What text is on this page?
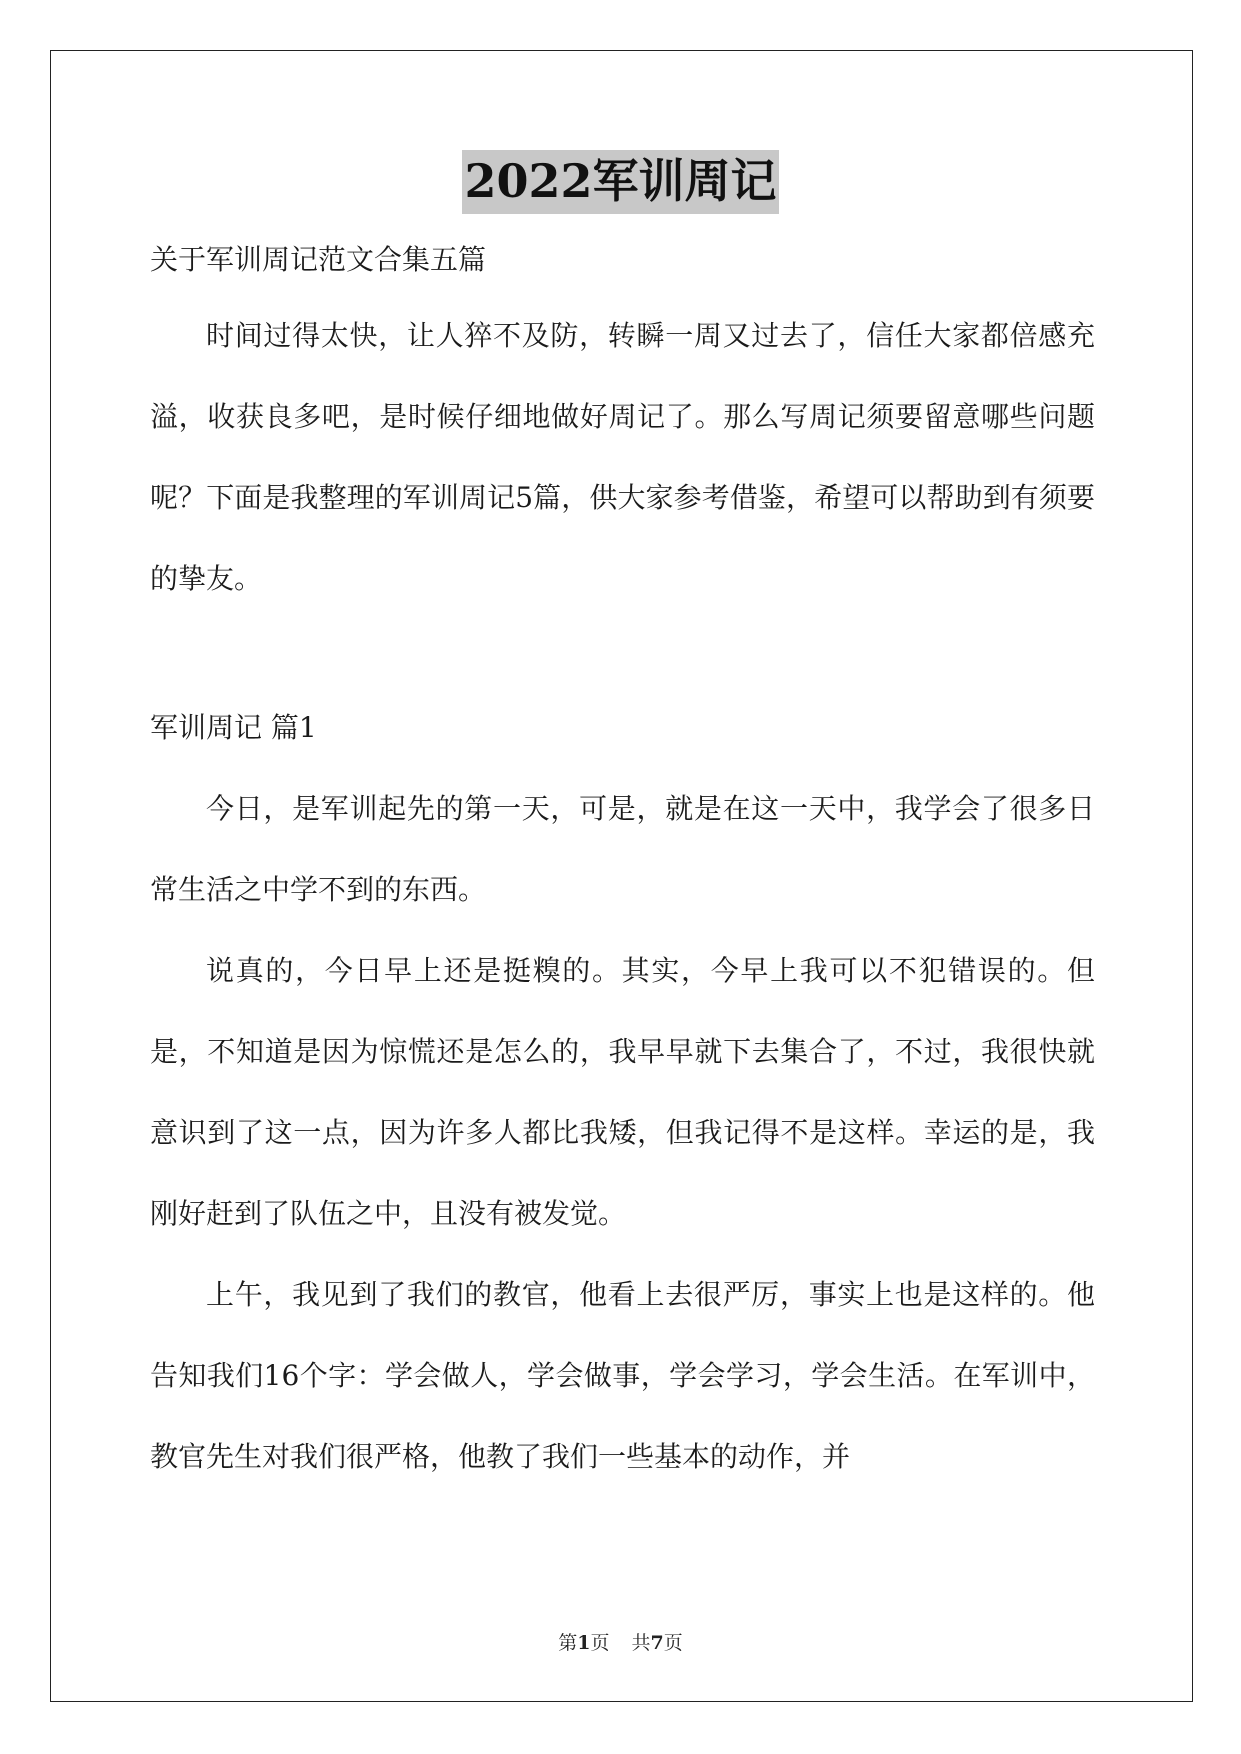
2022军训周记
关于军训周记范文合集五篇

时间过得太快，让人猝不及防，转瞬一周又过去了，信任大家都倍感充溢，收获良多吧，是时候仔细地做好周记了。那么写周记须要留意哪些问题呢？下面是我整理的军训周记5篇，供大家参考借鉴，希望可以帮助到有须要的挚友。

军训周记 篇1

今日，是军训起先的第一天，可是，就是在这一天中，我学会了很多日常生活之中学不到的东西。

说真的，今日早上还是挺糗的。其实，今早上我可以不犯错误的。但是，不知道是因为惊慌还是怎么的，我早早就下去集合了，不过，我很快就意识到了这一点，因为许多人都比我矮，但我记得不是这样。幸运的是，我刚好赶到了队伍之中，且没有被发觉。

上午，我见到了我们的教官，他看上去很严厉，事实上也是这样的。他告知我们16个字：学会做人，学会做事，学会学习，学会生活。在军训中，教官先生对我们很严格，他教了我们一些基本的动作，并

第1页 共7页
